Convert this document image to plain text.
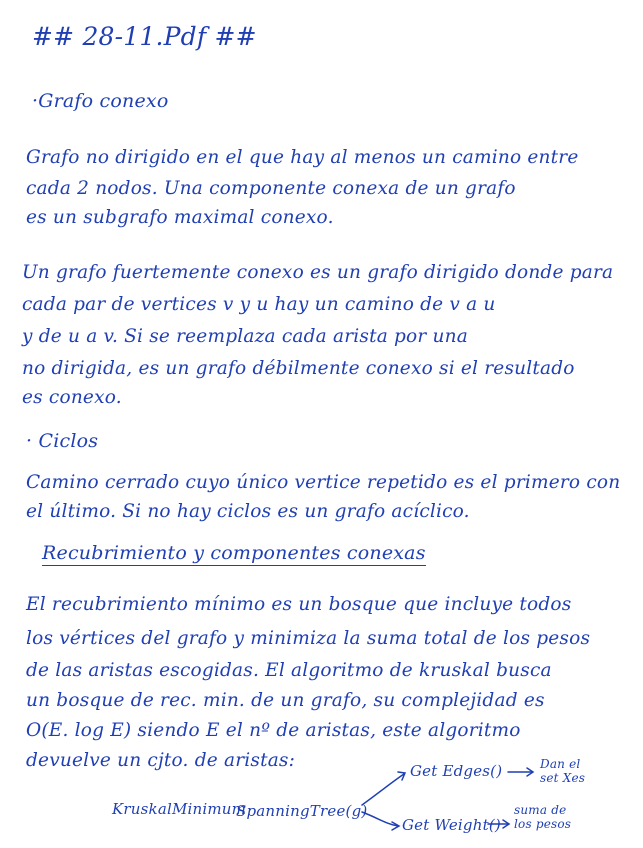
## 28-11.Pdf ##
·Grafo conexo
Grafo no dirigido en el que hay al menos un camino entre
cada 2 nodos. Una componente conexa de un grafo
es un subgrafo maximal conexo.
Un grafo fuertemente conexo es un grafo dirigido donde para
cada par de vertices v y u hay un camino de v a u
y de u a v. Si se reemplaza cada arista por una
no dirigida, es un grafo débilmente conexo si el resultado
es conexo.
· Ciclos
Camino cerrado cuyo único vertice repetido es el primero con
el último. Si no hay ciclos es un grafo acíclico.
Recubrimiento y componentes conexas
El recubrimiento mínimo es un bosque que incluye todos
los vértices del grafo y minimiza la suma total de los pesos
de las aristas escogidas. El algoritmo de kruskal busca
un bosque de rec. min. de un grafo, su complejidad es
O(E. log E) siendo E el nº de aristas, este algoritmo
devuelve un cjto. de aristas:
KruskalMinimum
SpanningTree(g)
Get Edges()	Dan el
set Xes
Get Weight()
suma de
los pesos
